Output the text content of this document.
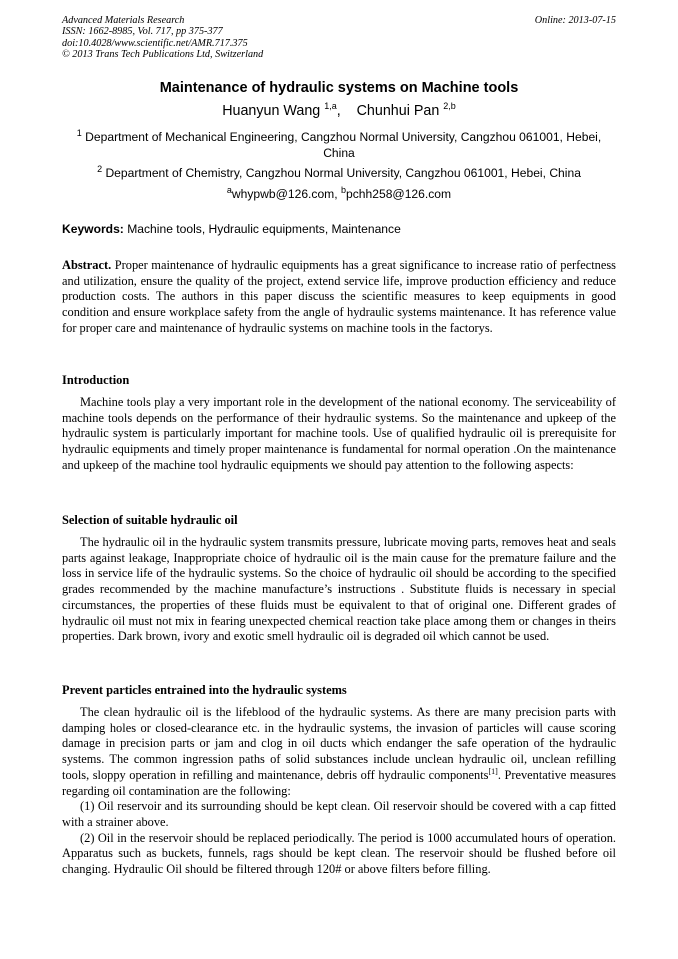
Advanced Materials Research
ISSN: 1662-8985, Vol. 717, pp 375-377
doi:10.4028/www.scientific.net/AMR.717.375
© 2013 Trans Tech Publications Ltd, Switzerland
Online: 2013-07-15
Maintenance of hydraulic systems on Machine tools
Huanyun Wang $^{1,a}$,    Chunhui Pan $^{2,b}$
$^1$ Department of Mechanical Engineering, Cangzhou Normal University, Cangzhou 061001, Hebei, China
$^2$ Department of Chemistry, Cangzhou Normal University, Cangzhou 061001, Hebei, China
$^a$whypwb@126.com, $^b$pchh258@126.com
Keywords: Machine tools, Hydraulic equipments, Maintenance
Abstract. Proper maintenance of hydraulic equipments has a great significance to increase ratio of perfectness and utilization, ensure the quality of the project, extend service life, improve production efficiency and reduce production costs. The authors in this paper discuss the scientific measures to keep equipments in good condition and ensure workplace safety from the angle of hydraulic systems maintenance. It has reference value for proper care and maintenance of hydraulic systems on machine tools in the factorys.
Introduction

Machine tools play a very important role in the development of the national economy. The serviceability of machine tools depends on the performance of their hydraulic systems. So the maintenance and upkeep of the hydraulic system is particularly important for machine tools. Use of qualified hydraulic oil is prerequisite for hydraulic equipments and timely proper maintenance is fundamental for normal operation .On the maintenance and upkeep of the machine tool hydraulic equipments we should pay attention to the following aspects:

Selection of suitable hydraulic oil

The hydraulic oil in the hydraulic system transmits pressure, lubricate moving parts, removes heat and seals parts against leakage, Inappropriate choice of hydraulic oil is the main cause for the premature failure and the loss in service life of the hydraulic systems. So the choice of hydraulic oil should be according to the specified grades recommended by the machine manufacture’s instructions . Substitute fluids is necessary in special circumstances, the properties of these fluids must be equivalent to that of original one. Different grades of hydraulic oil must not mix in fearing unexpected chemical reaction take place among them or changes in theirs properties. Dark brown, ivory and exotic smell hydraulic oil is degraded oil which cannot be used.

Prevent particles entrained into the hydraulic systems

The clean hydraulic oil is the lifeblood of the hydraulic systems. As there are many precision parts with damping holes or closed-clearance etc. in the hydraulic systems, the invasion of particles will cause scoring damage in precision parts or jam and clog in oil ducts which endanger the safe operation of the hydraulic systems. The common ingression paths of solid substances include unclean hydraulic oil, unclean refilling tools, sloppy operation in refilling and maintenance, debris off hydraulic components[1]. Preventative measures regarding oil contamination are the following:

(1) Oil reservoir and its surrounding should be kept clean. Oil reservoir should be covered with a cap fitted with a strainer above.

(2) Oil in the reservoir should be replaced periodically. The period is 1000 accumulated hours of operation. Apparatus such as buckets, funnels, rags should be kept clean. The reservoir should be flushed before oil changing. Hydraulic Oil should be filtered through 120# or above filters before filling.
